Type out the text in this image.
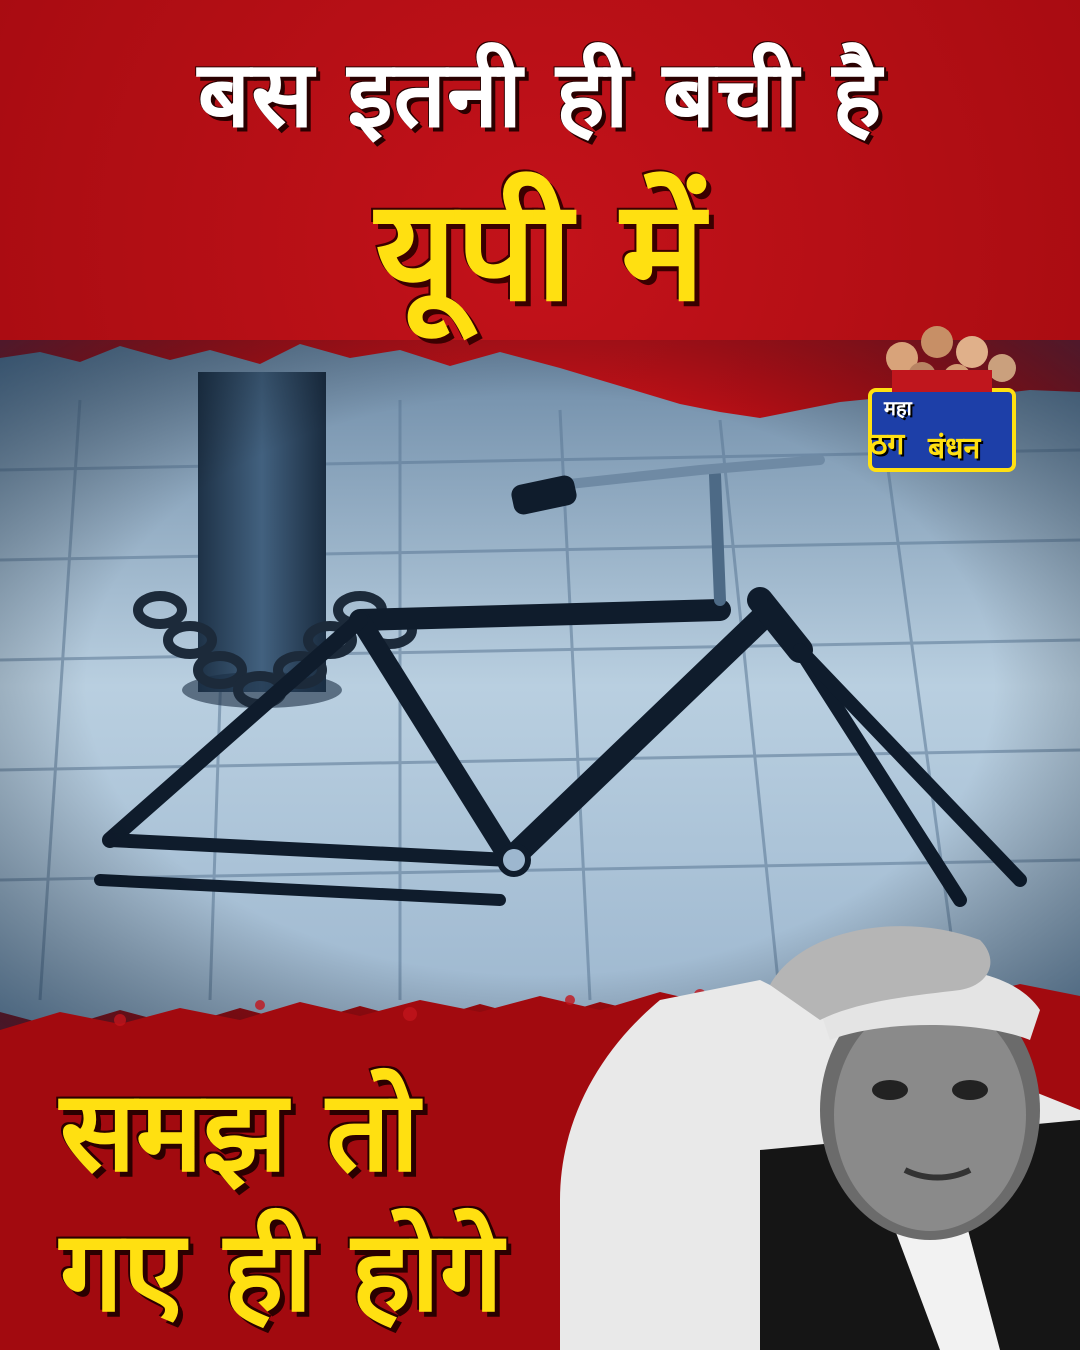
बस इतनी ही बची है
यूपी में
महा
ठग बंधन

समझ तो

गए ही होगे
